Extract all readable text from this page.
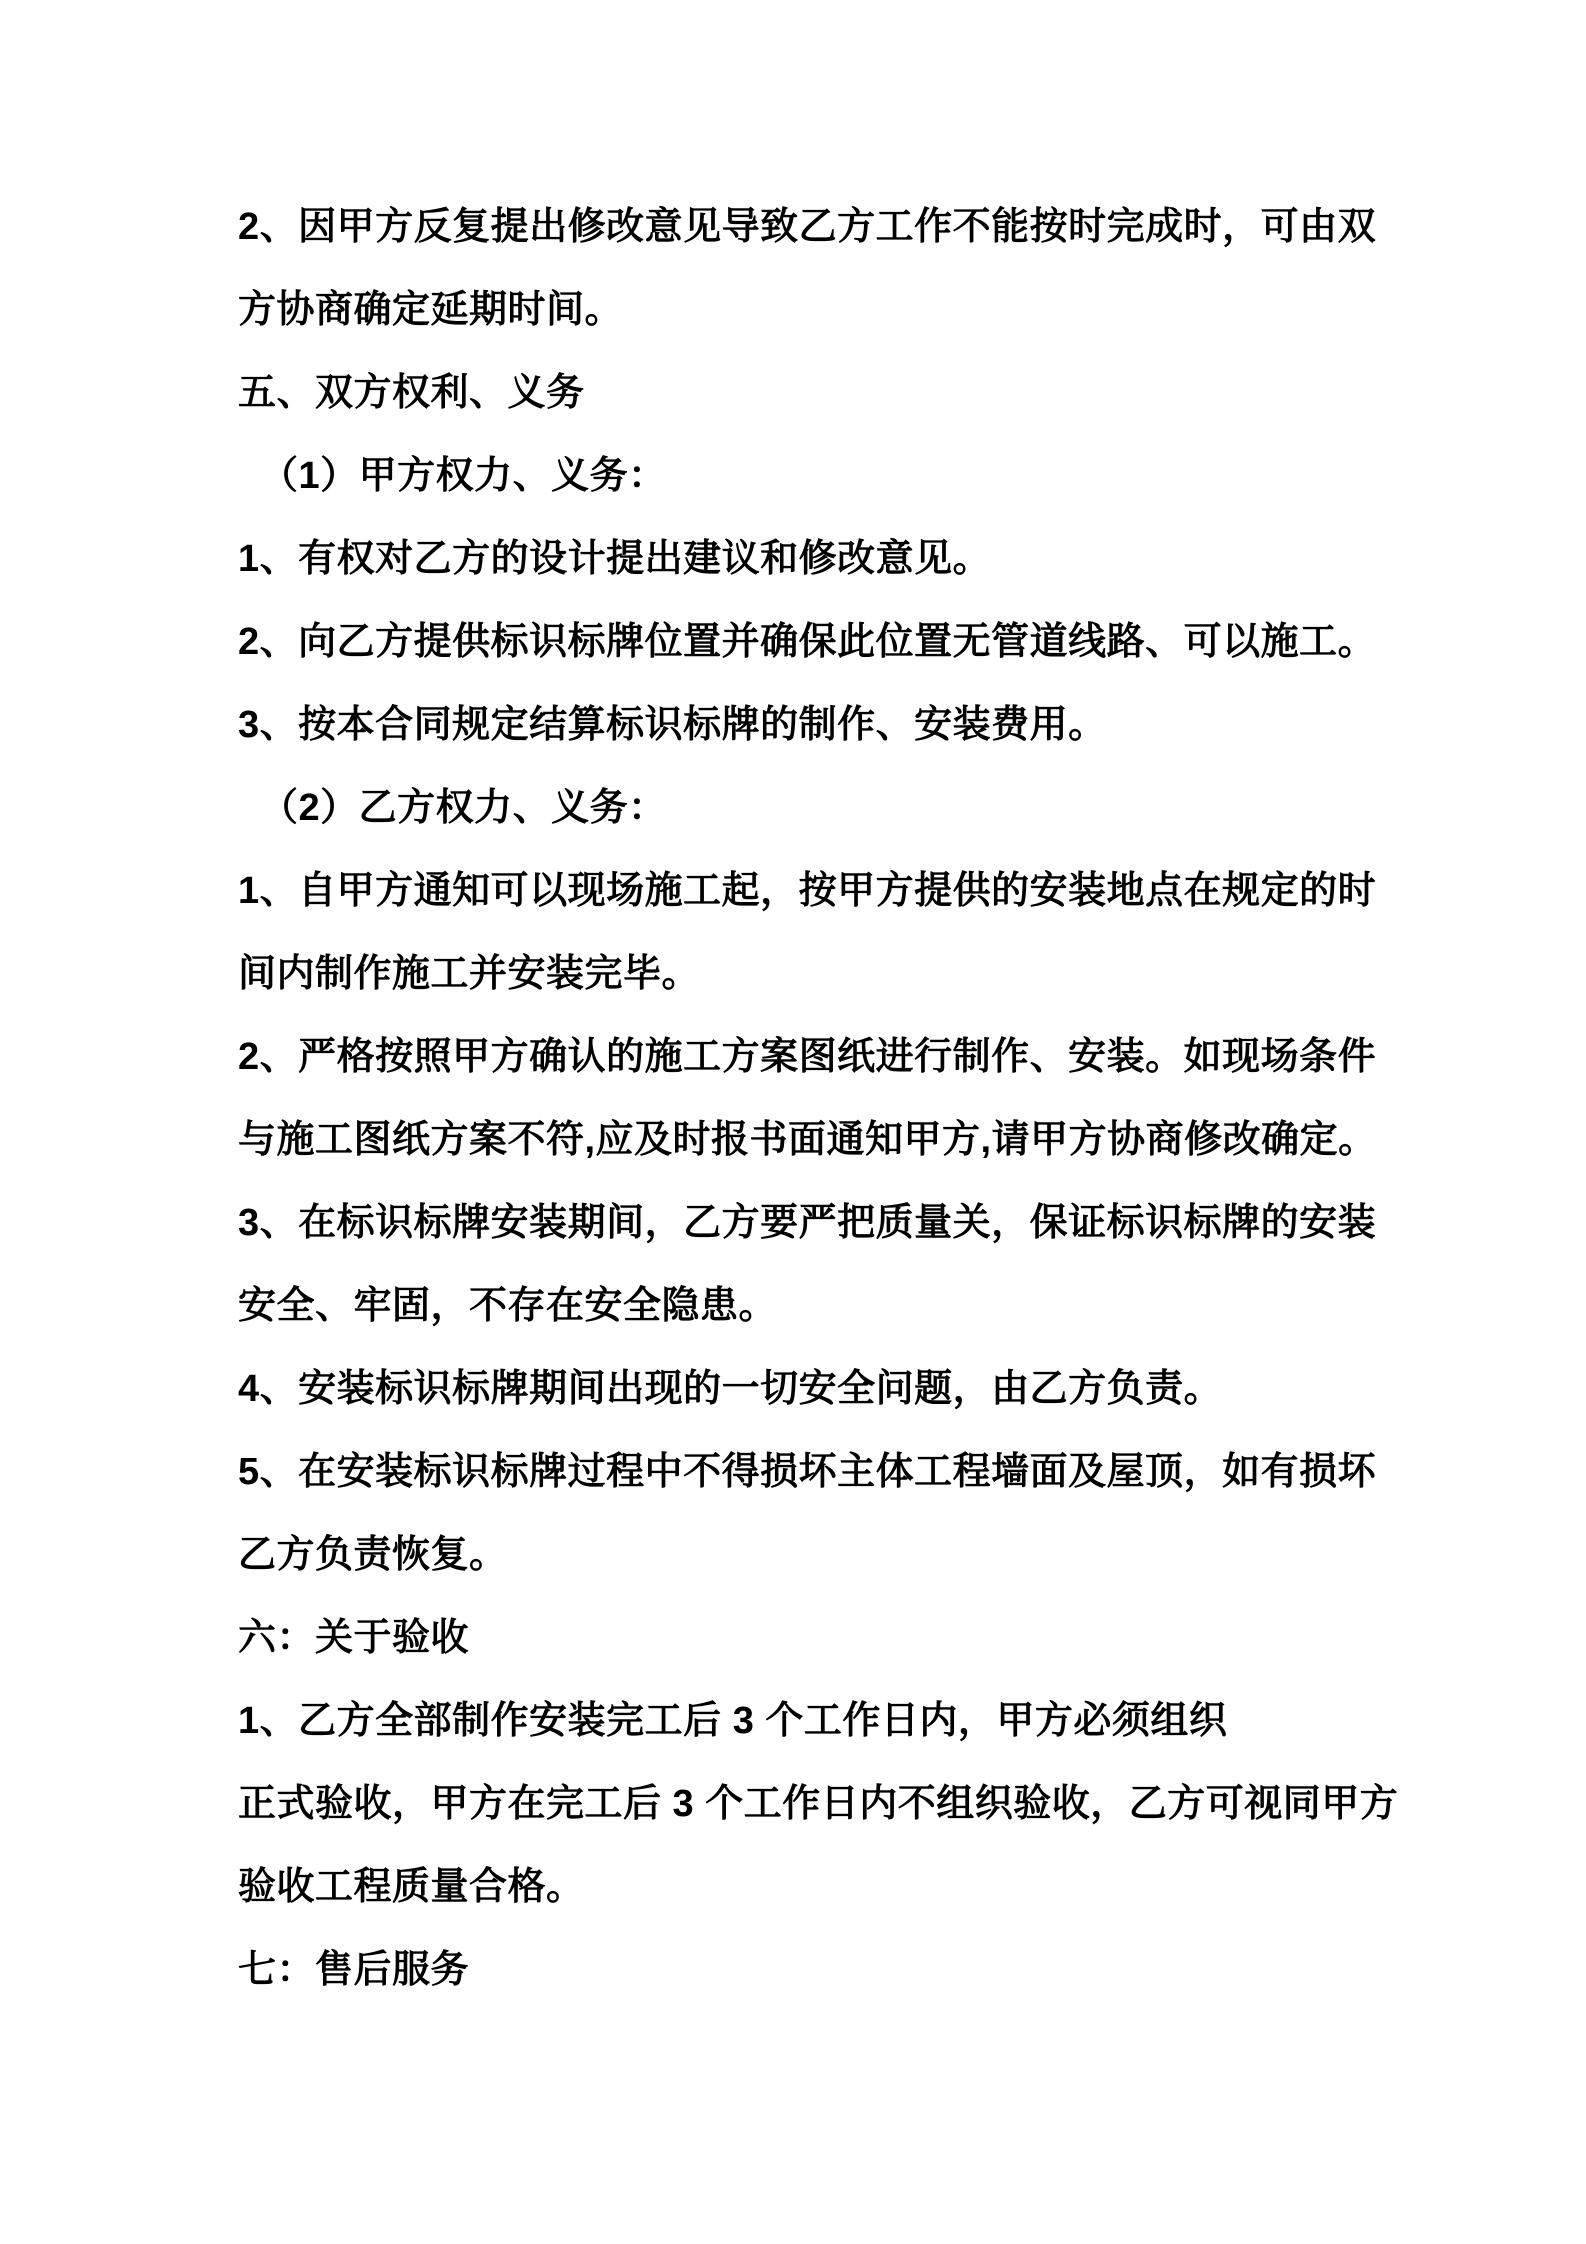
2、因甲方反复提出修改意见导致乙方工作不能按时完成时，可由双
方协商确定延期时间。
五、双方权利、义务
（1）甲方权力、义务：
1、有权对乙方的设计提出建议和修改意见。
2、向乙方提供标识标牌位置并确保此位置无管道线路、可以施工。
3、按本合同规定结算标识标牌的制作、安装费用。
（2）乙方权力、义务：
1、自甲方通知可以现场施工起，按甲方提供的安装地点在规定的时
间内制作施工并安装完毕。
2、严格按照甲方确认的施工方案图纸进行制作、安装。如现场条件
与施工图纸方案不符,应及时报书面通知甲方,请甲方协商修改确定。
3、在标识标牌安装期间，乙方要严把质量关，保证标识标牌的安装
安全、牢固，不存在安全隐患。
4、安装标识标牌期间出现的一切安全问题，由乙方负责。
5、在安装标识标牌过程中不得损坏主体工程墙面及屋顶，如有损坏
乙方负责恢复。
六：关于验收
1、乙方全部制作安装完工后 3 个工作日内，甲方必须组织
正式验收，甲方在完工后 3 个工作日内不组织验收，乙方可视同甲方
验收工程质量合格。
七：售后服务
